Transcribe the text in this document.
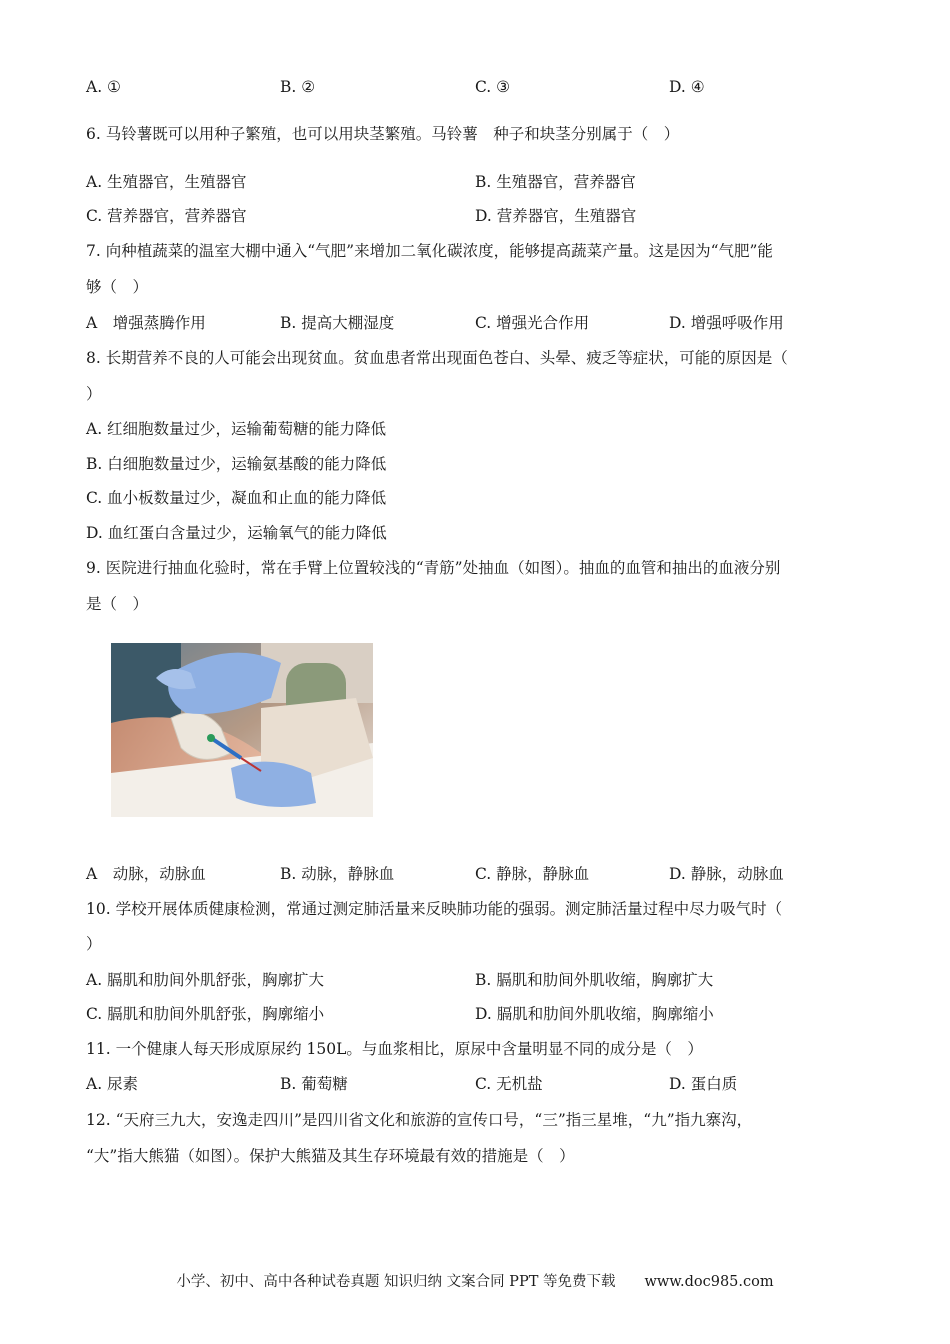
A. ①	B. ②	C. ③	D. ④
6. 马铃薯既可以用种子繁殖，也可以用块茎繁殖。马铃薯　种子和块茎分别属于（　）
A. 生殖器官，生殖器官	B. 生殖器官，营养器官
C. 营养器官，营养器官	D. 营养器官，生殖器官
7. 向种植蔬菜的温室大棚中通入“气肥”来增加二氧化碳浓度，能够提高蔬菜产量。这是因为“气肥”能
够（　）
A　增强蒸腾作用	B. 提高大棚湿度	C. 增强光合作用	D. 增强呼吸作用
8. 长期营养不良的人可能会出现贫血。贫血患者常出现面色苍白、头晕、疲乏等症状，可能的原因是（
）
A. 红细胞数量过少，运输葡萄糖的能力降低
B. 白细胞数量过少，运输氨基酸的能力降低
C. 血小板数量过少，凝血和止血的能力降低
D. 血红蛋白含量过少，运输氧气的能力降低
9. 医院进行抽血化验时，常在手臂上位置较浅的“青筋”处抽血（如图）。抽血的血管和抽出的血液分别
是（　）
A　动脉，动脉血	B. 动脉，静脉血	C. 静脉，静脉血	D. 静脉，动脉血
10. 学校开展体质健康检测，常通过测定肺活量来反映肺功能的强弱。测定肺活量过程中尽力吸气时（
）
A. 膈肌和肋间外肌舒张，胸廓扩大	B. 膈肌和肋间外肌收缩，胸廓扩大
C. 膈肌和肋间外肌舒张，胸廓缩小	D. 膈肌和肋间外肌收缩，胸廓缩小
11. 一个健康人每天形成原尿约 150L。与血浆相比，原尿中含量明显不同的成分是（　）
A. 尿素	B. 葡萄糖	C. 无机盐	D. 蛋白质
12. “天府三九大，安逸走四川”是四川省文化和旅游的宣传口号，“三”指三星堆，“九”指九寨沟，
“大”指大熊猫（如图）。保护大熊猫及其生存环境最有效的措施是（　）
小学、初中、高中各种试卷真题 知识归纳 文案合同 PPT 等免费下载　　www.doc985.com
